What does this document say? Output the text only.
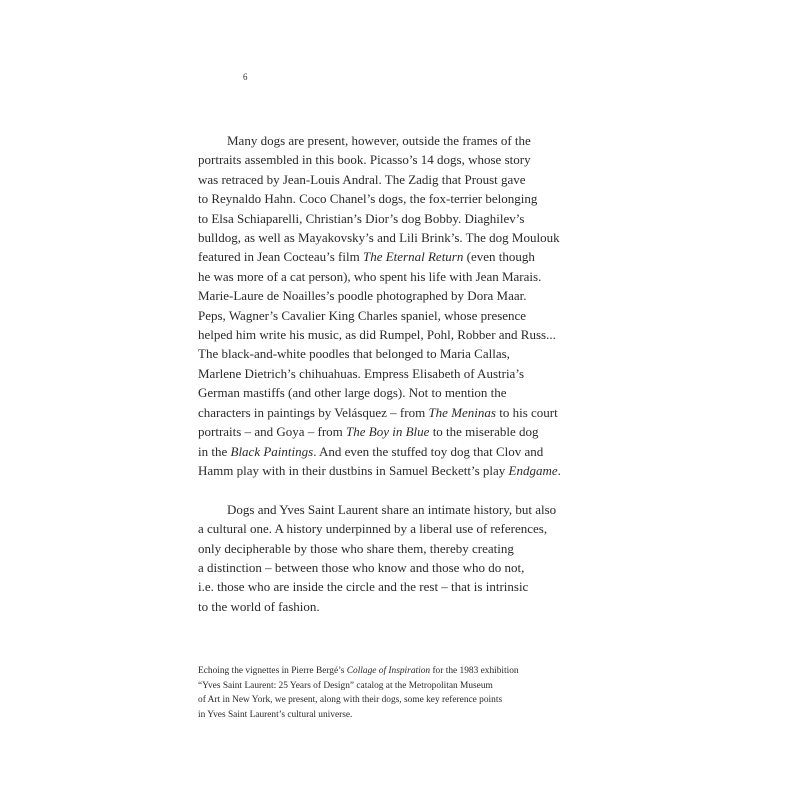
6

Many dogs are present, however, outside the frames of the
portraits assembled in this book. Picasso’s 14 dogs, whose story
was retraced by Jean-Louis Andral. The Zadig that Proust gave
to Reynaldo Hahn. Coco Chanel’s dogs, the fox-terrier belonging
to Elsa Schiaparelli, Christian’s Dior’s dog Bobby. Diaghilev’s
bulldog, as well as Mayakovsky’s and Lili Brink’s. The dog Moulouk
featured in Jean Cocteau’s film The Eternal Return (even though
he was more of a cat person), who spent his life with Jean Marais.
Marie-Laure de Noailles’s poodle photographed by Dora Maar.
Peps, Wagner’s Cavalier King Charles spaniel, whose presence
helped him write his music, as did Rumpel, Pohl, Robber and Russ...
The black-and-white poodles that belonged to Maria Callas,
Marlene Dietrich’s chihuahuas. Empress Elisabeth of Austria’s
German mastiffs (and other large dogs). Not to mention the
characters in paintings by Velásquez – from The Meninas to his court
portraits – and Goya – from The Boy in Blue to the miserable dog
in the Black Paintings. And even the stuffed toy dog that Clov and
Hamm play with in their dustbins in Samuel Beckett’s play Endgame.

Dogs and Yves Saint Laurent share an intimate history, but also
a cultural one. A history underpinned by a liberal use of references,
only decipherable by those who share them, thereby creating
a distinction – between those who know and those who do not,
i.e. those who are inside the circle and the rest – that is intrinsic
to the world of fashion.

Echoing the vignettes in Pierre Bergé’s Collage of Inspiration for the 1983 exhibition
“Yves Saint Laurent: 25 Years of Design” catalog at the Metropolitan Museum
of Art in New York, we present, along with their dogs, some key reference points
in Yves Saint Laurent’s cultural universe.
